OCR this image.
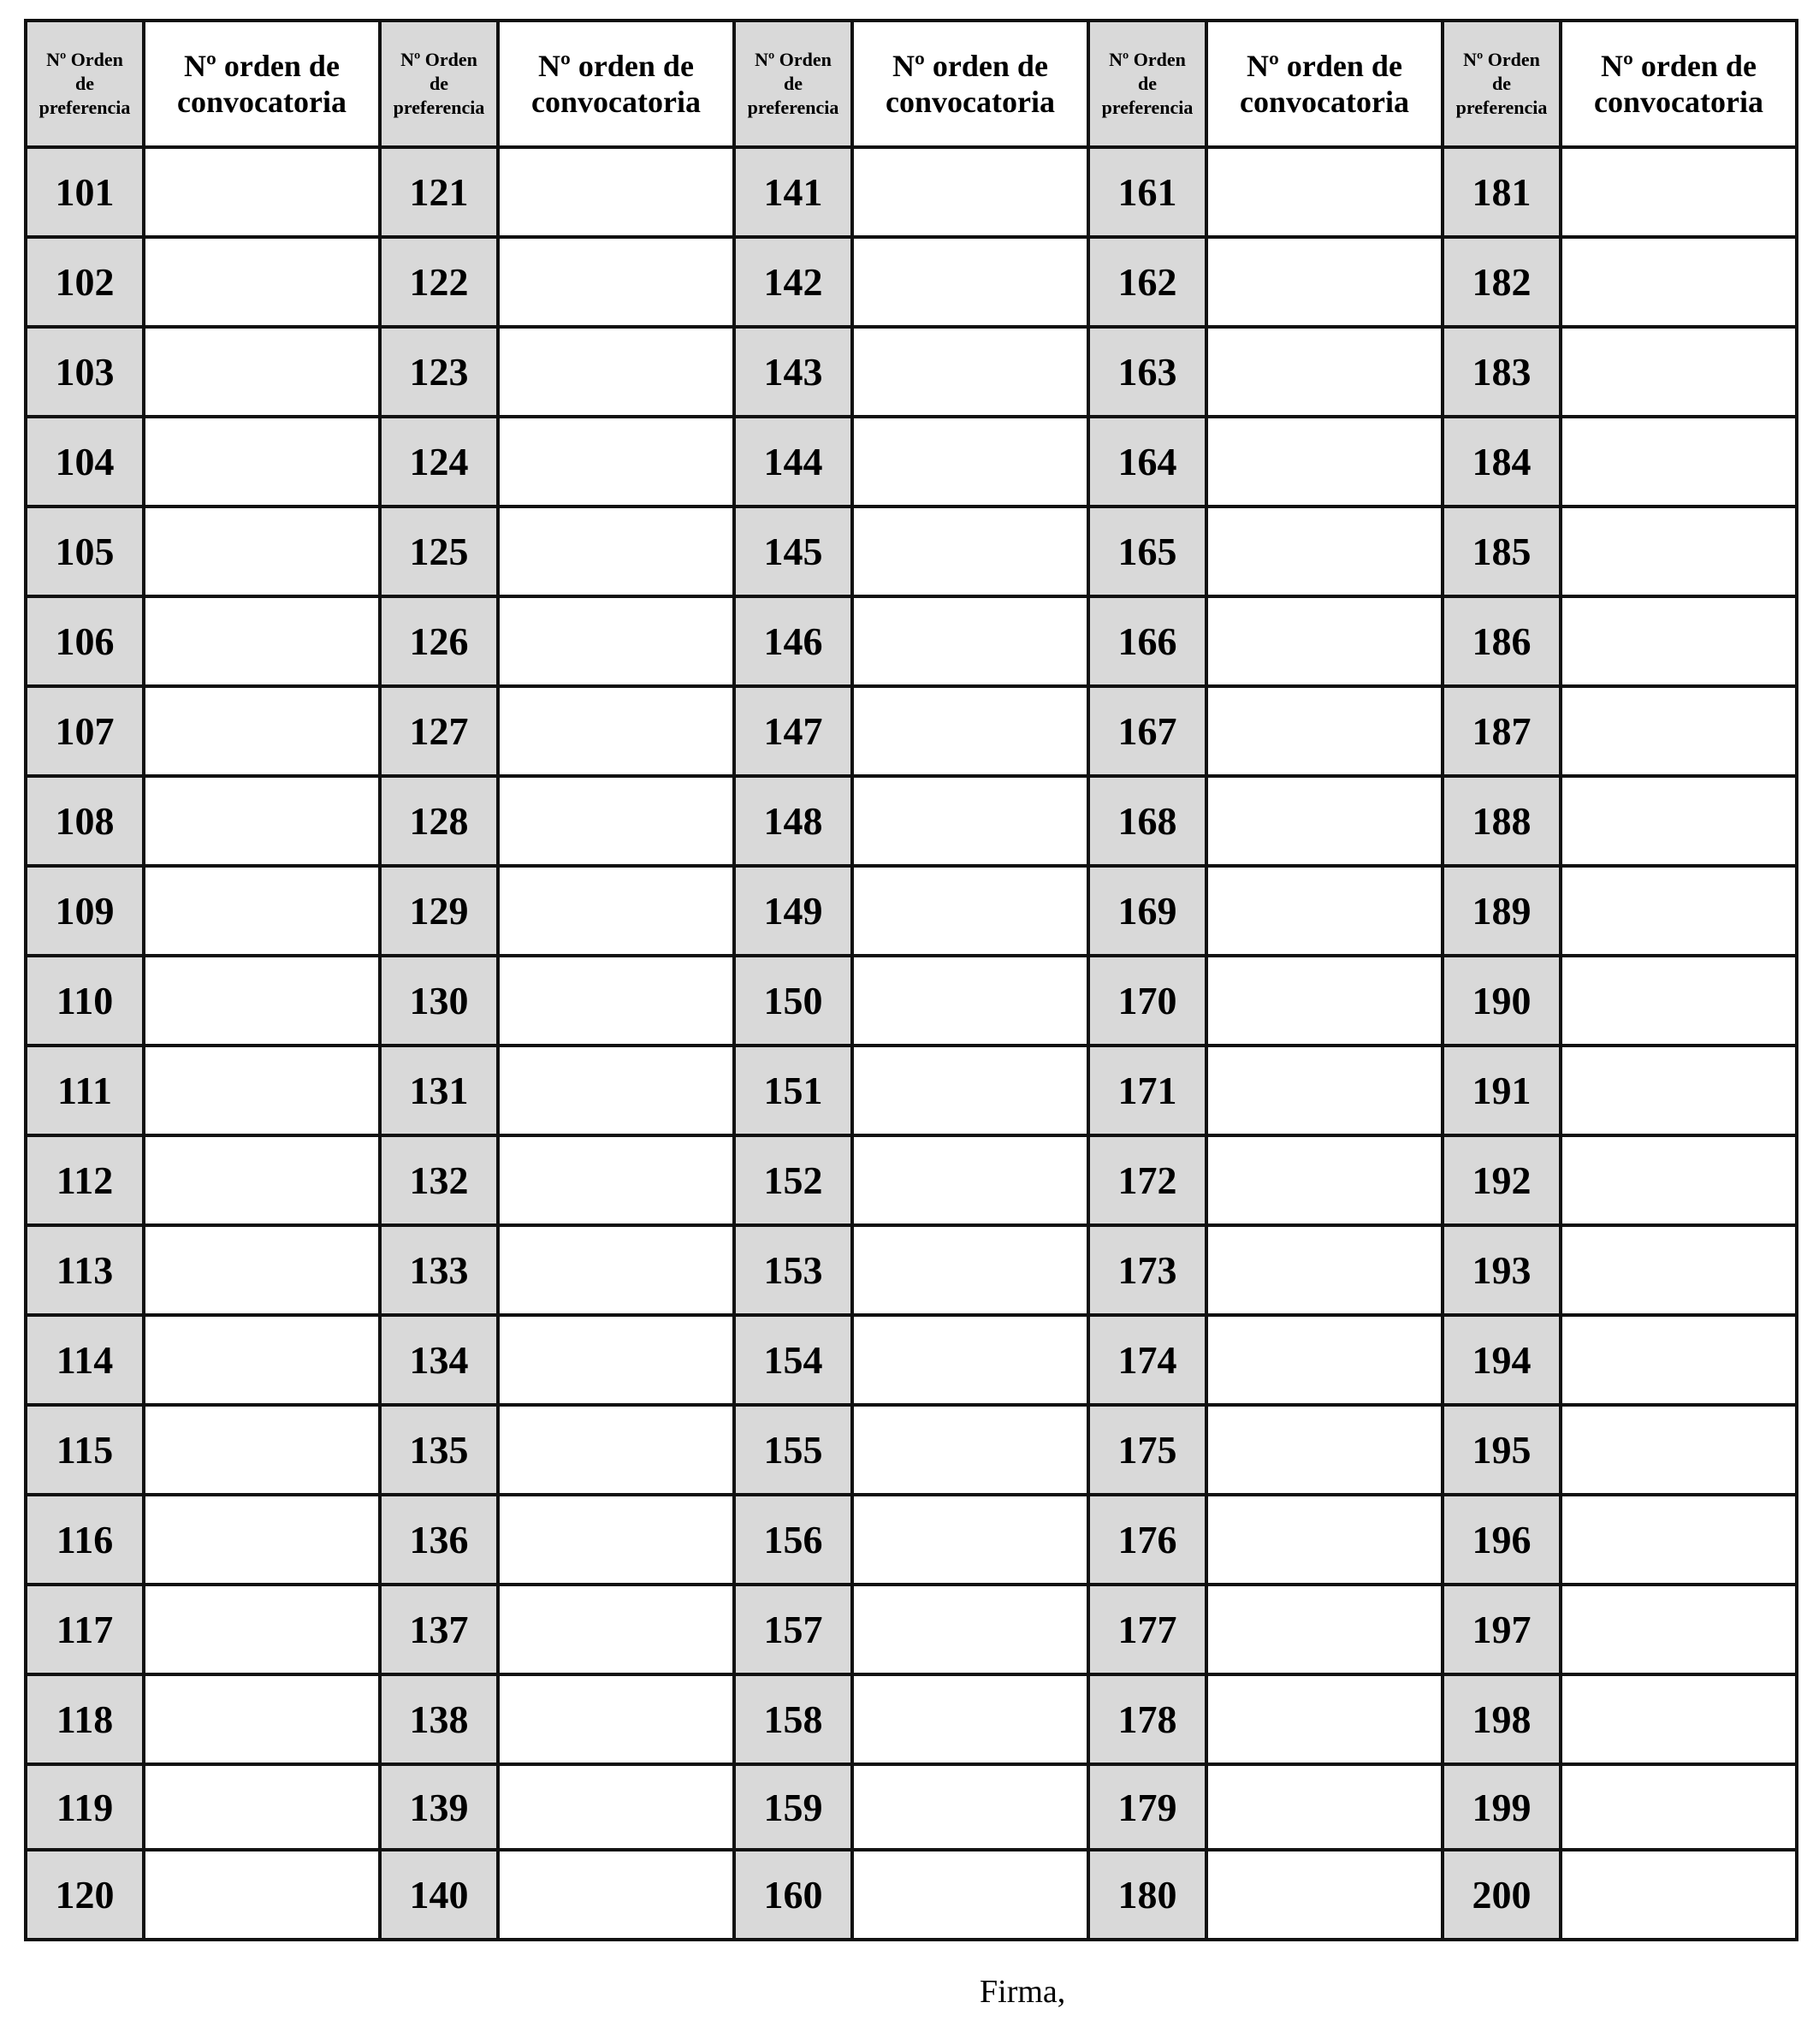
Nº Orden
de
preferencia	Nº orden de
convocatoria	Nº Orden
de
preferencia	Nº orden de
convocatoria	Nº Orden
de
preferencia	Nº orden de
convocatoria	Nº Orden
de
preferencia	Nº orden de
convocatoria	Nº Orden
de
preferencia	Nº orden de
convocatoria

101		121		141		161		181	
102		122		142		162		182	
103		123		143		163		183	
104		124		144		164		184	
105		125		145		165		185	
106		126		146		166		186	
107		127		147		167		187	
108		128		148		168		188	
109		129		149		169		189	
110		130		150		170		190	
111		131		151		171		191	
112		132		152		172		192	
113		133		153		173		193	
114		134		154		174		194	
115		135		155		175		195	
116		136		156		176		196	
117		137		157		177		197	
118		138		158		178		198	
119		139		159		179		199	
120		140		160		180		200	
Firma,
